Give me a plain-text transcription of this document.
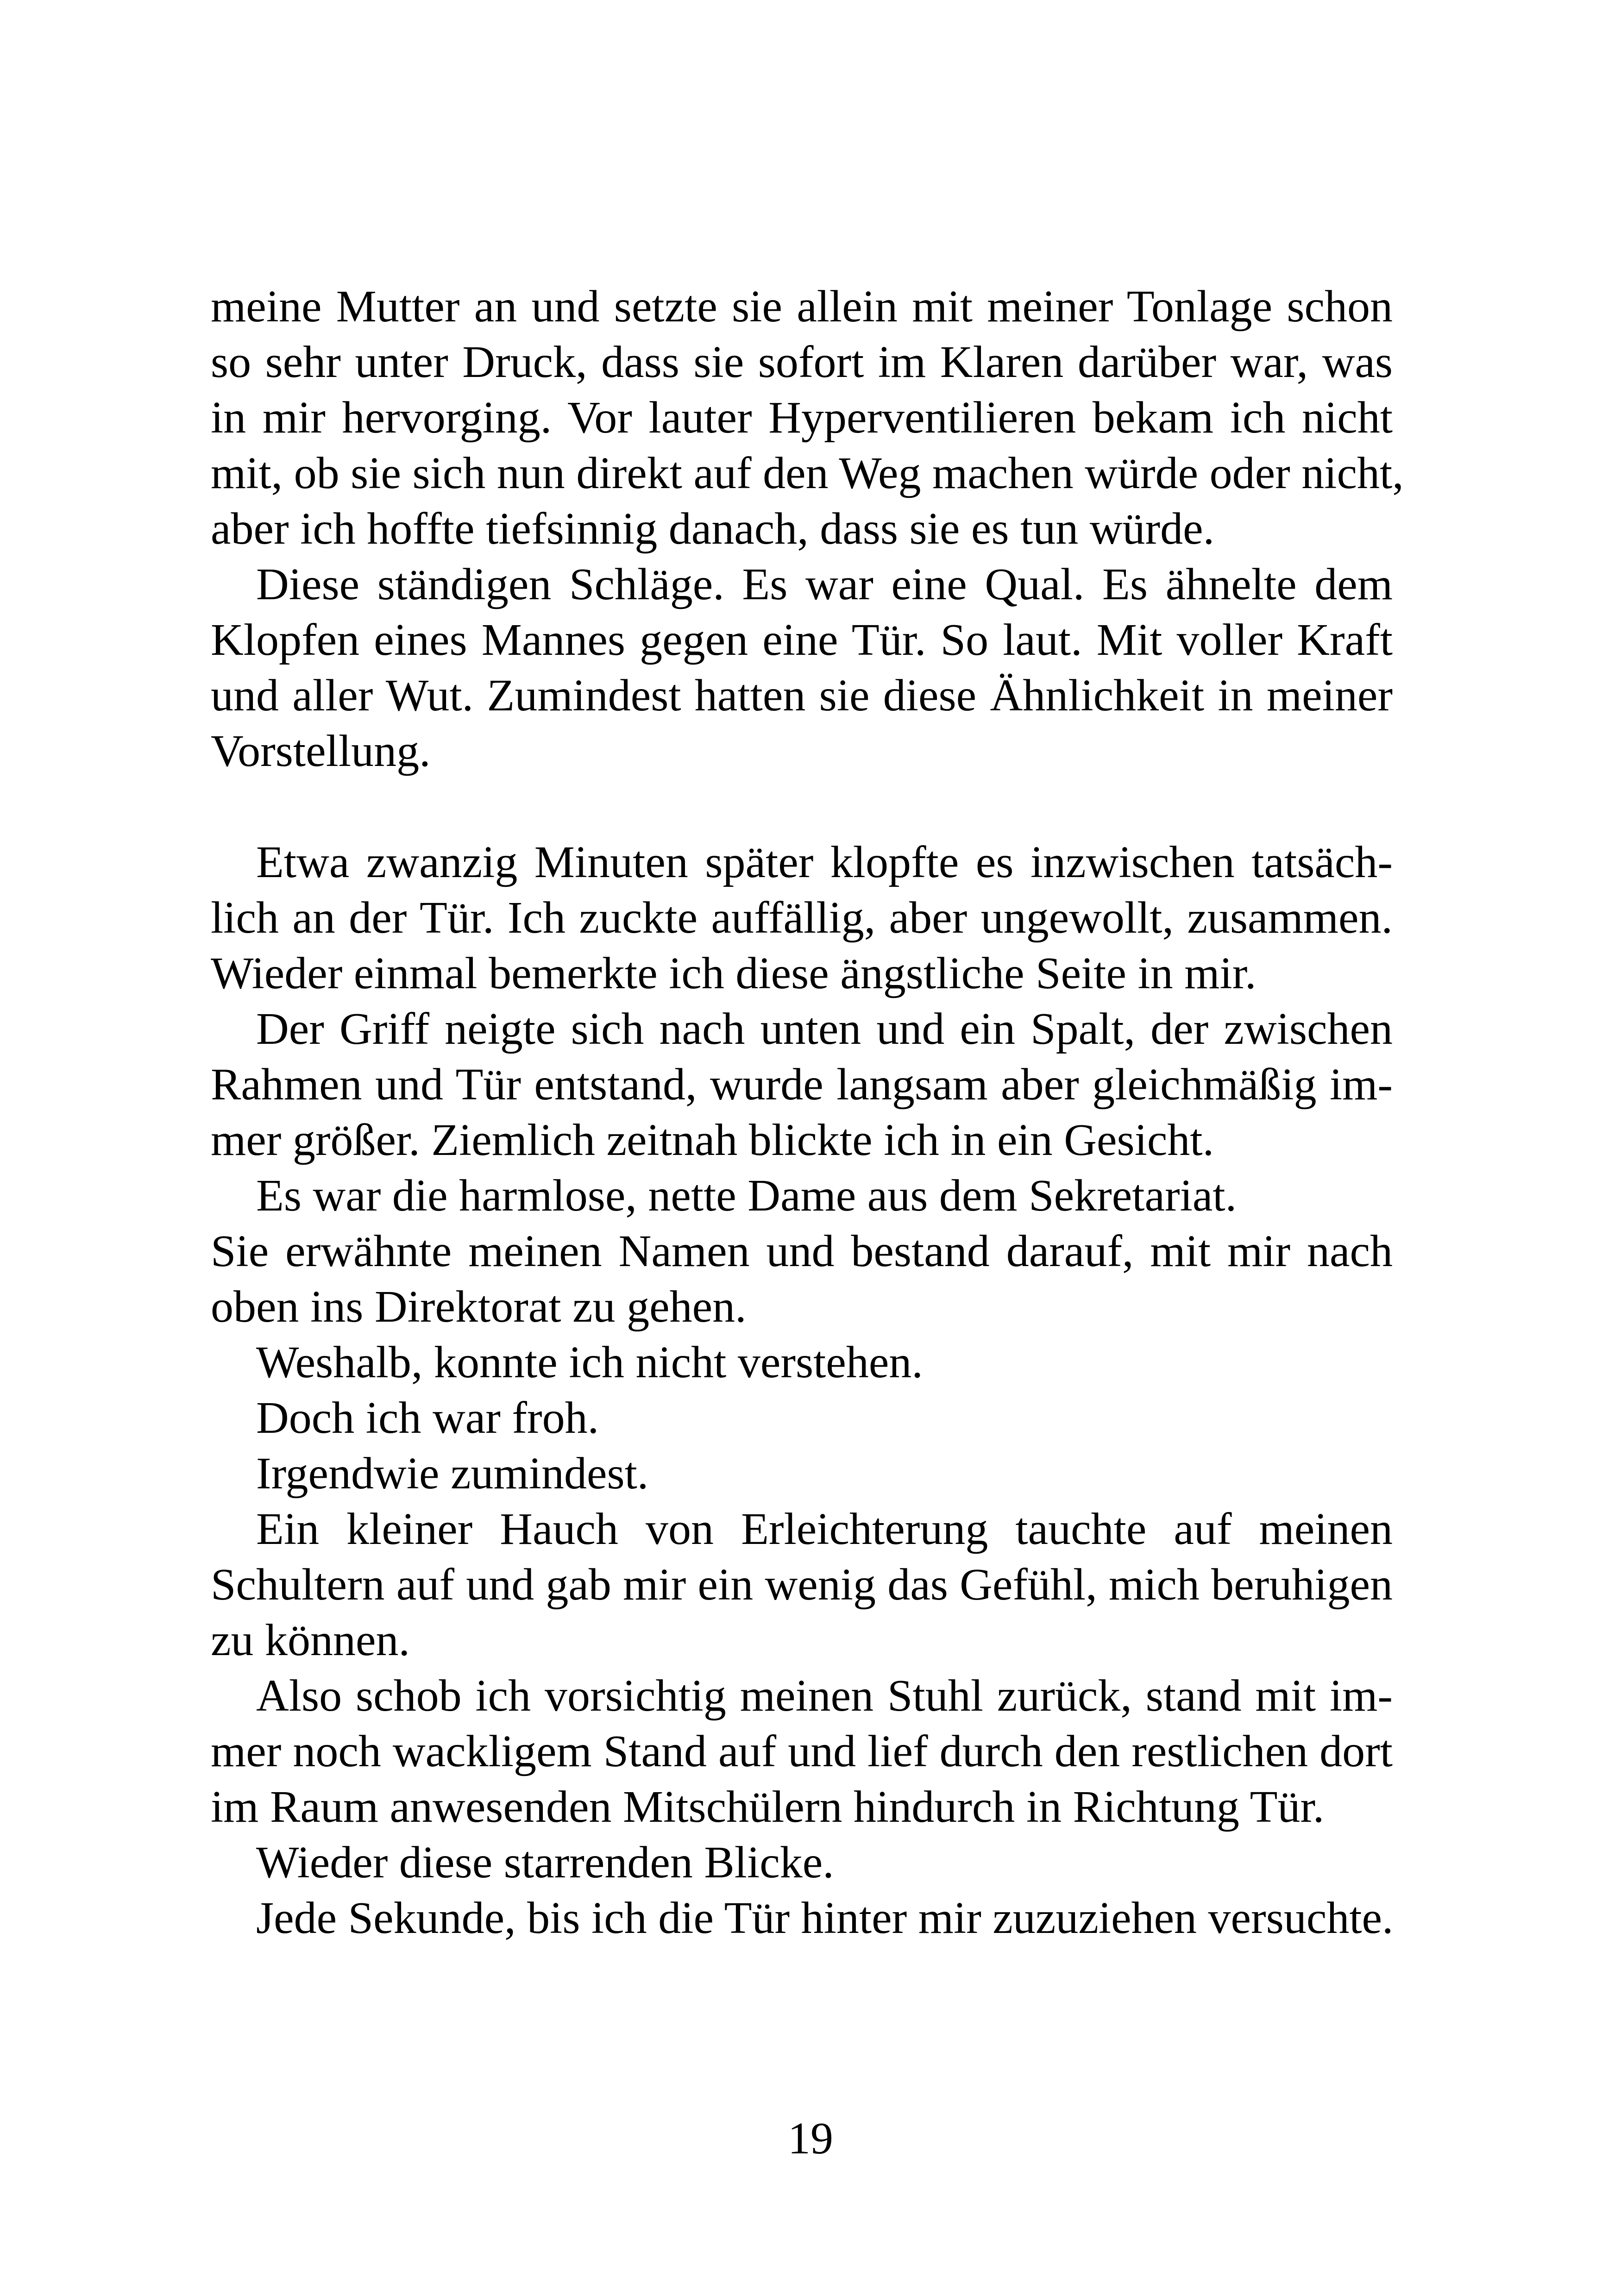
meine Mutter an und setzte sie allein mit meiner Tonlage schon
so sehr unter Druck, dass sie sofort im Klaren darüber war, was
in mir hervorging. Vor lauter Hyperventilieren bekam ich nicht
mit, ob sie sich nun direkt auf den Weg machen würde oder nicht,
aber ich hoffte tiefsinnig danach, dass sie es tun würde.
Diese ständigen Schläge. Es war eine Qual. Es ähnelte dem
Klopfen eines Mannes gegen eine Tür. So laut. Mit voller Kraft
und aller Wut. Zumindest hatten sie diese Ähnlichkeit in meiner
Vorstellung.
Etwa zwanzig Minuten später klopfte es inzwischen tatsäch-
lich an der Tür. Ich zuckte auffällig, aber ungewollt, zusammen.
Wieder einmal bemerkte ich diese ängstliche Seite in mir.
Der Griff neigte sich nach unten und ein Spalt, der zwischen
Rahmen und Tür entstand, wurde langsam aber gleichmäßig im-
mer größer. Ziemlich zeitnah blickte ich in ein Gesicht.
Es war die harmlose, nette Dame aus dem Sekretariat.
Sie erwähnte meinen Namen und bestand darauf, mit mir nach
oben ins Direktorat zu gehen.
Weshalb, konnte ich nicht verstehen.
Doch ich war froh.
Irgendwie zumindest.
Ein kleiner Hauch von Erleichterung tauchte auf meinen
Schultern auf und gab mir ein wenig das Gefühl, mich beruhigen
zu können.
Also schob ich vorsichtig meinen Stuhl zurück, stand mit im-
mer noch wackligem Stand auf und lief durch den restlichen dort
im Raum anwesenden Mitschülern hindurch in Richtung Tür.
Wieder diese starrenden Blicke.
Jede Sekunde, bis ich die Tür hinter mir zuzuziehen versuchte.
19
